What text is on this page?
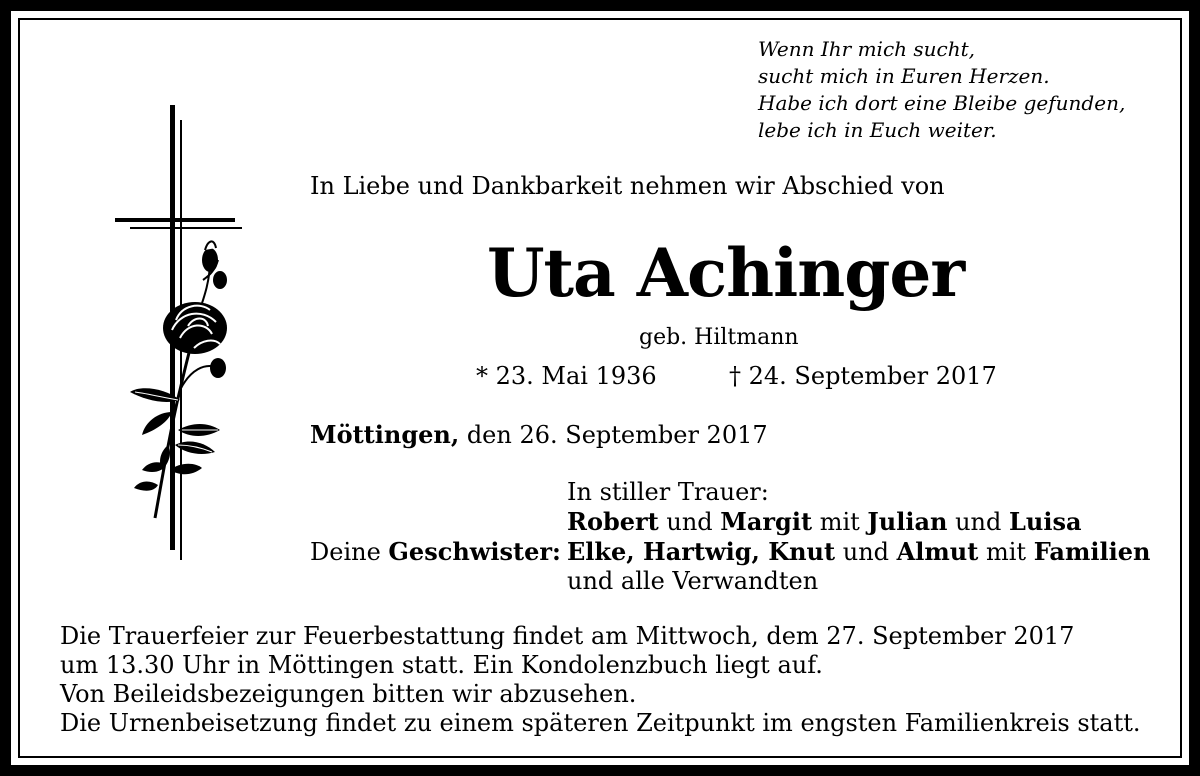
Wenn Ihr mich sucht,
sucht mich in Euren Herzen.
Habe ich dort eine Bleibe gefunden,
lebe ich in Euch weiter.
In Liebe und Dankbarkeit nehmen wir Abschied von
Uta Achinger
geb. Hiltmann
* 23. Mai 1936	† 24. September 2017
Möttingen, den 26. September 2017
In stiller Trauer:
Robert und Margit mit Julian und Luisa
Deine Geschwister: Elke, Hartwig, Knut und Almut mit Familien
und alle Verwandten
Die Trauerfeier zur Feuerbestattung findet am Mittwoch, dem 27. September 2017
um 13.30 Uhr in Möttingen statt. Ein Kondolenzbuch liegt auf.
Von Beileidsbezeigungen bitten wir abzusehen.
Die Urnenbeisetzung findet zu einem späteren Zeitpunkt im engsten Familienkreis statt.
